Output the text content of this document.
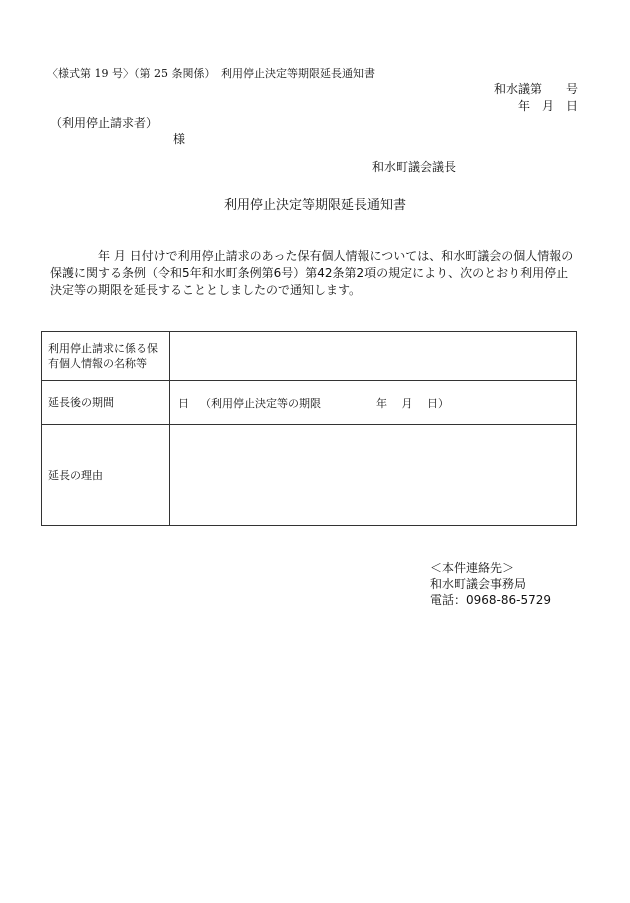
〈様式第 19 号〉（第 25 条関係）　利用停止決定等期限延長通知書
和水議第　　号
年　月　日
（利用停止請求者）
様
和水町議会議長
利用停止決定等期限延長通知書
年 月 日付けで利用停止請求のあった保有個人情報については、和水町議会の個人情報の保護に関する条例（令和5年和水町条例第6号）第42条第2項の規定により、次のとおり利用停止決定等の期限を延長することとしましたので通知します。
利用停止請求に係る保有個人情報の名称等	
延長後の期間	日 （利用停止決定等の期限 年　 月　 日）
延長の理由	
＜本件連絡先＞
和水町議会事務局
電話：0968-86-5729
